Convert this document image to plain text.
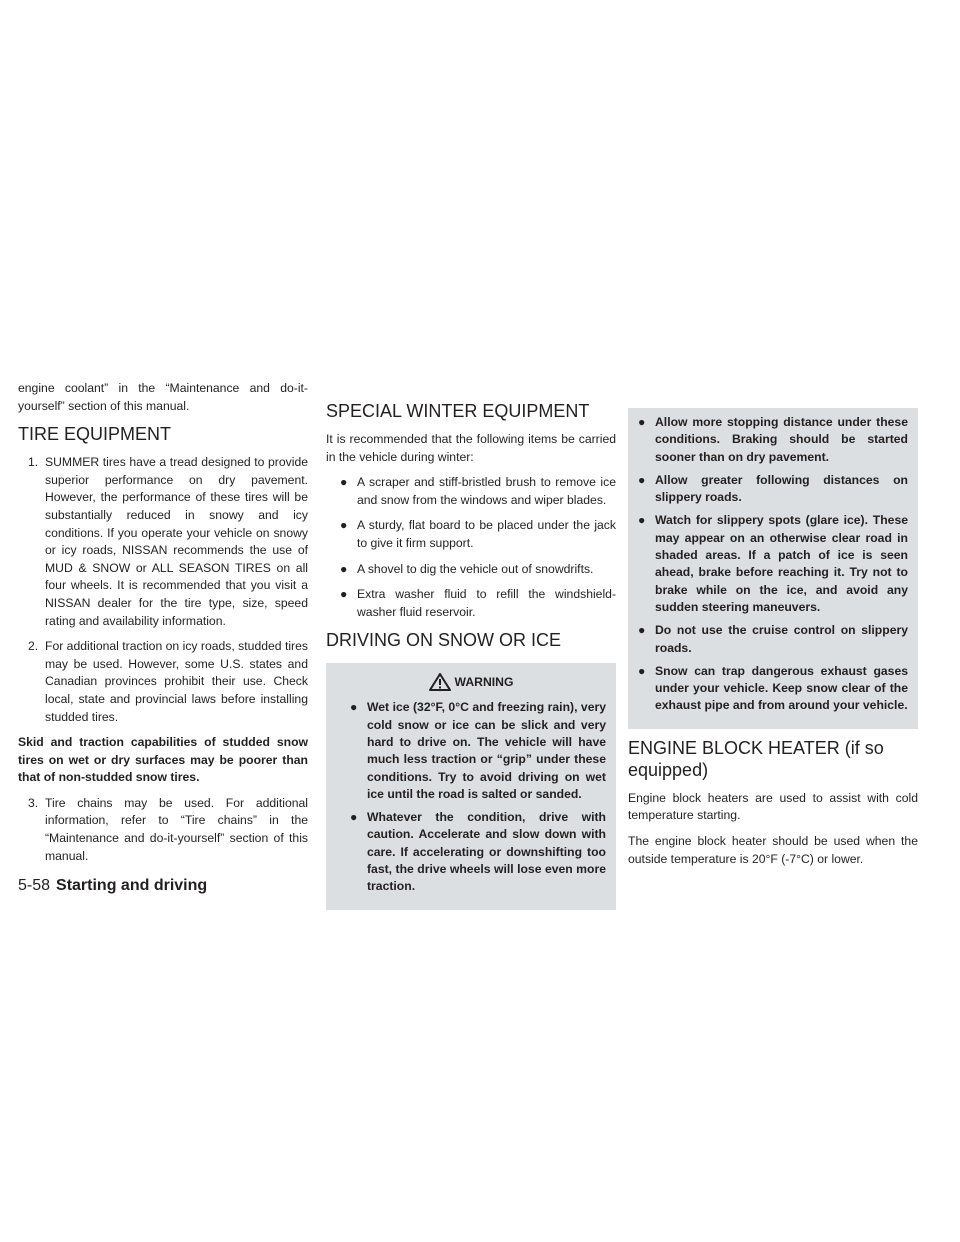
engine coolant” in the “Maintenance and do-it-yourself” section of this manual.

TIRE EQUIPMENT
1. SUMMER tires have a tread designed to provide superior performance on dry pavement. However, the performance of these tires will be substantially reduced in snowy and icy conditions. If you operate your vehicle on snowy or icy roads, NISSAN recommends the use of MUD & SNOW or ALL SEASON TIRES on all four wheels. It is recommended that you visit a NISSAN dealer for the tire type, size, speed rating and availability information.
2. For additional traction on icy roads, studded tires may be used. However, some U.S. states and Canadian provinces prohibit their use. Check local, state and provincial laws before installing studded tires.

Skid and traction capabilities of studded snow tires on wet or dry surfaces may be poorer than that of non-studded snow tires.

3. Tire chains may be used. For additional information, refer to “Tire chains” in the “Maintenance and do-it-yourself” section of this manual.
SPECIAL WINTER EQUIPMENT

It is recommended that the following items be carried in the vehicle during winter:

● A scraper and stiff-bristled brush to remove ice and snow from the windows and wiper blades.
● A sturdy, flat board to be placed under the jack to give it firm support.
● A shovel to dig the vehicle out of snowdrifts.
● Extra washer fluid to refill the windshield-washer fluid reservoir.
DRIVING ON SNOW OR ICE
WARNING
● Wet ice (32°F, 0°C and freezing rain), very cold snow or ice can be slick and very hard to drive on. The vehicle will have much less traction or “grip” under these conditions. Try to avoid driving on wet ice until the road is salted or sanded.
● Whatever the condition, drive with caution. Accelerate and slow down with care. If accelerating or downshifting too fast, the drive wheels will lose even more traction.
● Allow more stopping distance under these conditions. Braking should be started sooner than on dry pavement.
● Allow greater following distances on slippery roads.
● Watch for slippery spots (glare ice). These may appear on an otherwise clear road in shaded areas. If a patch of ice is seen ahead, brake before reaching it. Try not to brake while on the ice, and avoid any sudden steering maneuvers.
● Do not use the cruise control on slippery roads.
● Snow can trap dangerous exhaust gases under your vehicle. Keep snow clear of the exhaust pipe and from around your vehicle.
ENGINE BLOCK HEATER (if so equipped)

Engine block heaters are used to assist with cold temperature starting.

The engine block heater should be used when the outside temperature is 20°F (-7°C) or lower.

5-58 Starting and driving
